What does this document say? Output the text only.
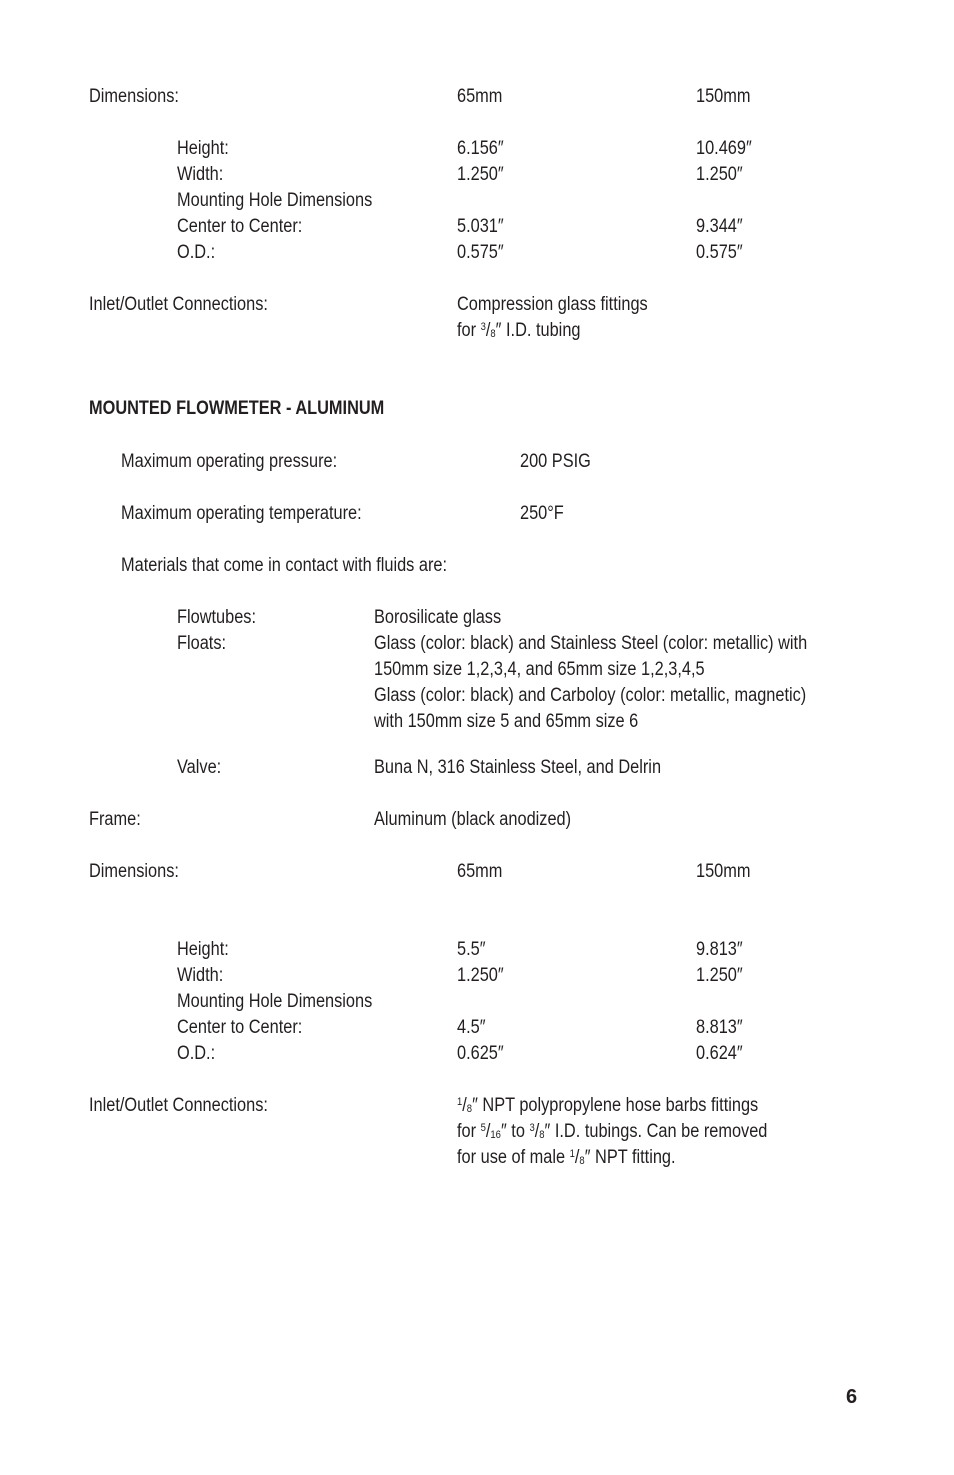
Dimensions:	65mm	150mm
Height:	6.156″	10.469″
Width:	1.250″	1.250″
Mounting Hole Dimensions
Center to Center:	5.031″	9.344″
O.D.:	0.575″	0.575″
Inlet/Outlet Connections:	Compression glass fittings
for $^3/_8''$ I.D. tubing
MOUNTED FLOWMETER - ALUMINUM
Maximum operating pressure:	200 PSIG
Maximum operating temperature:	250°F
Materials that come in contact with fluids are:
Flowtubes:	Borosilicate glass
Floats:	Glass (color: black) and Stainless Steel (color: metallic) with
150mm size 1,2,3,4, and 65mm size 1,2,3,4,5
Glass (color: black) and Carboloy (color: metallic, magnetic)
with 150mm size 5 and 65mm size 6
Valve:	Buna N, 316 Stainless Steel, and Delrin
Frame:	Aluminum (black anodized)
Dimensions:	65mm	150mm
Height:	5.5″	9.813″
Width:	1.250″	1.250″
Mounting Hole Dimensions
Center to Center:	4.5″	8.813″
O.D.:	0.625″	0.624″
Inlet/Outlet Connections:	$^1/_8''$ NPT polypropylene hose barbs fittings
for $^5/_{16}''$ to $^3/_8''$ I.D. tubings. Can be removed
for use of male $^1/_8''$ NPT fitting.
6
